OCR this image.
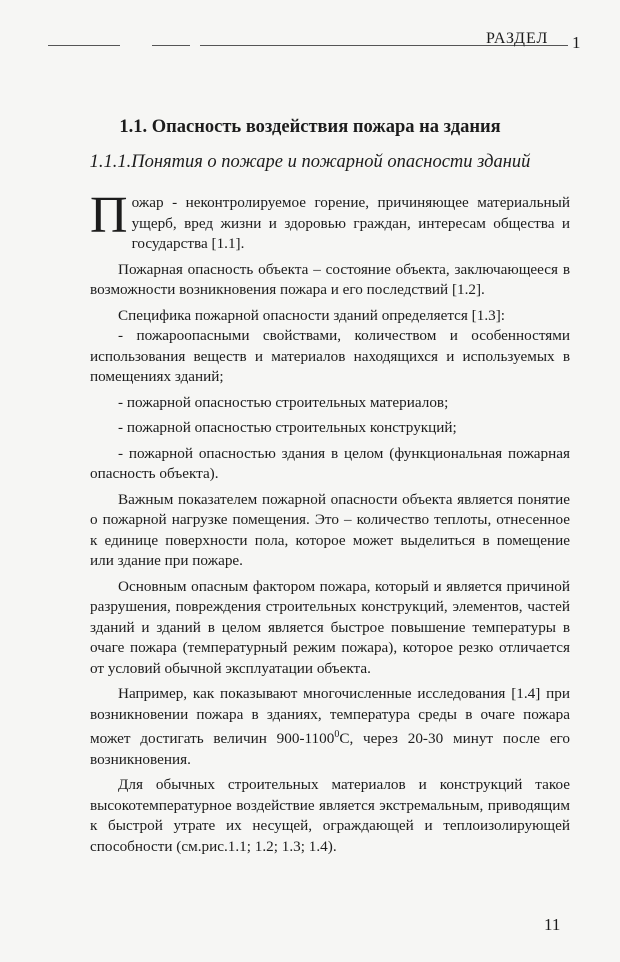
РАЗДЕЛ 1
1.1. Опасность воздействия пожара на здания
1.1.1.Понятия о пожаре и пожарной опасности зданий

Пожар - неконтролируемое горение, причиняющее материальный ущерб, вред жизни и здоровью граждан, интересам общества и государства [1.1].

Пожарная опасность объекта – состояние объекта, заключающееся в возможности возникновения пожара и его последствий [1.2].

Специфика пожарной опасности зданий определяется [1.3]:

- пожароопасными свойствами, количеством и особенностями использования веществ и материалов находящихся и используемых в помещениях зданий;

- пожарной опасностью строительных материалов;

- пожарной опасностью строительных конструкций;

- пожарной опасностью здания в целом (функциональная пожарная опасность объекта).

Важным показателем пожарной опасности объекта является понятие о пожарной нагрузке помещения. Это – количество теплоты, отнесенное к единице поверхности пола, которое может выделиться в помещение или здание при пожаре.

Основным опасным фактором пожара, который и является причиной разрушения, повреждения строительных конструкций, элементов, частей зданий и зданий в целом является быстрое повышение температуры в очаге пожара (температурный режим пожара), которое резко отличается от условий обычной эксплуатации объекта.

Например, как показывают многочисленные исследования [1.4] при возникновении пожара в зданиях, температура среды в очаге пожара может достигать величин 900-1100$^0$С, через 20-30 минут после его возникновения.

Для обычных строительных материалов и конструкций такое высокотемпературное воздействие является экстремальным, приводящим к быстрой утрате их несущей, ограждающей и теплоизолирующей способности (см.рис.1.1; 1.2; 1.3; 1.4).

11
